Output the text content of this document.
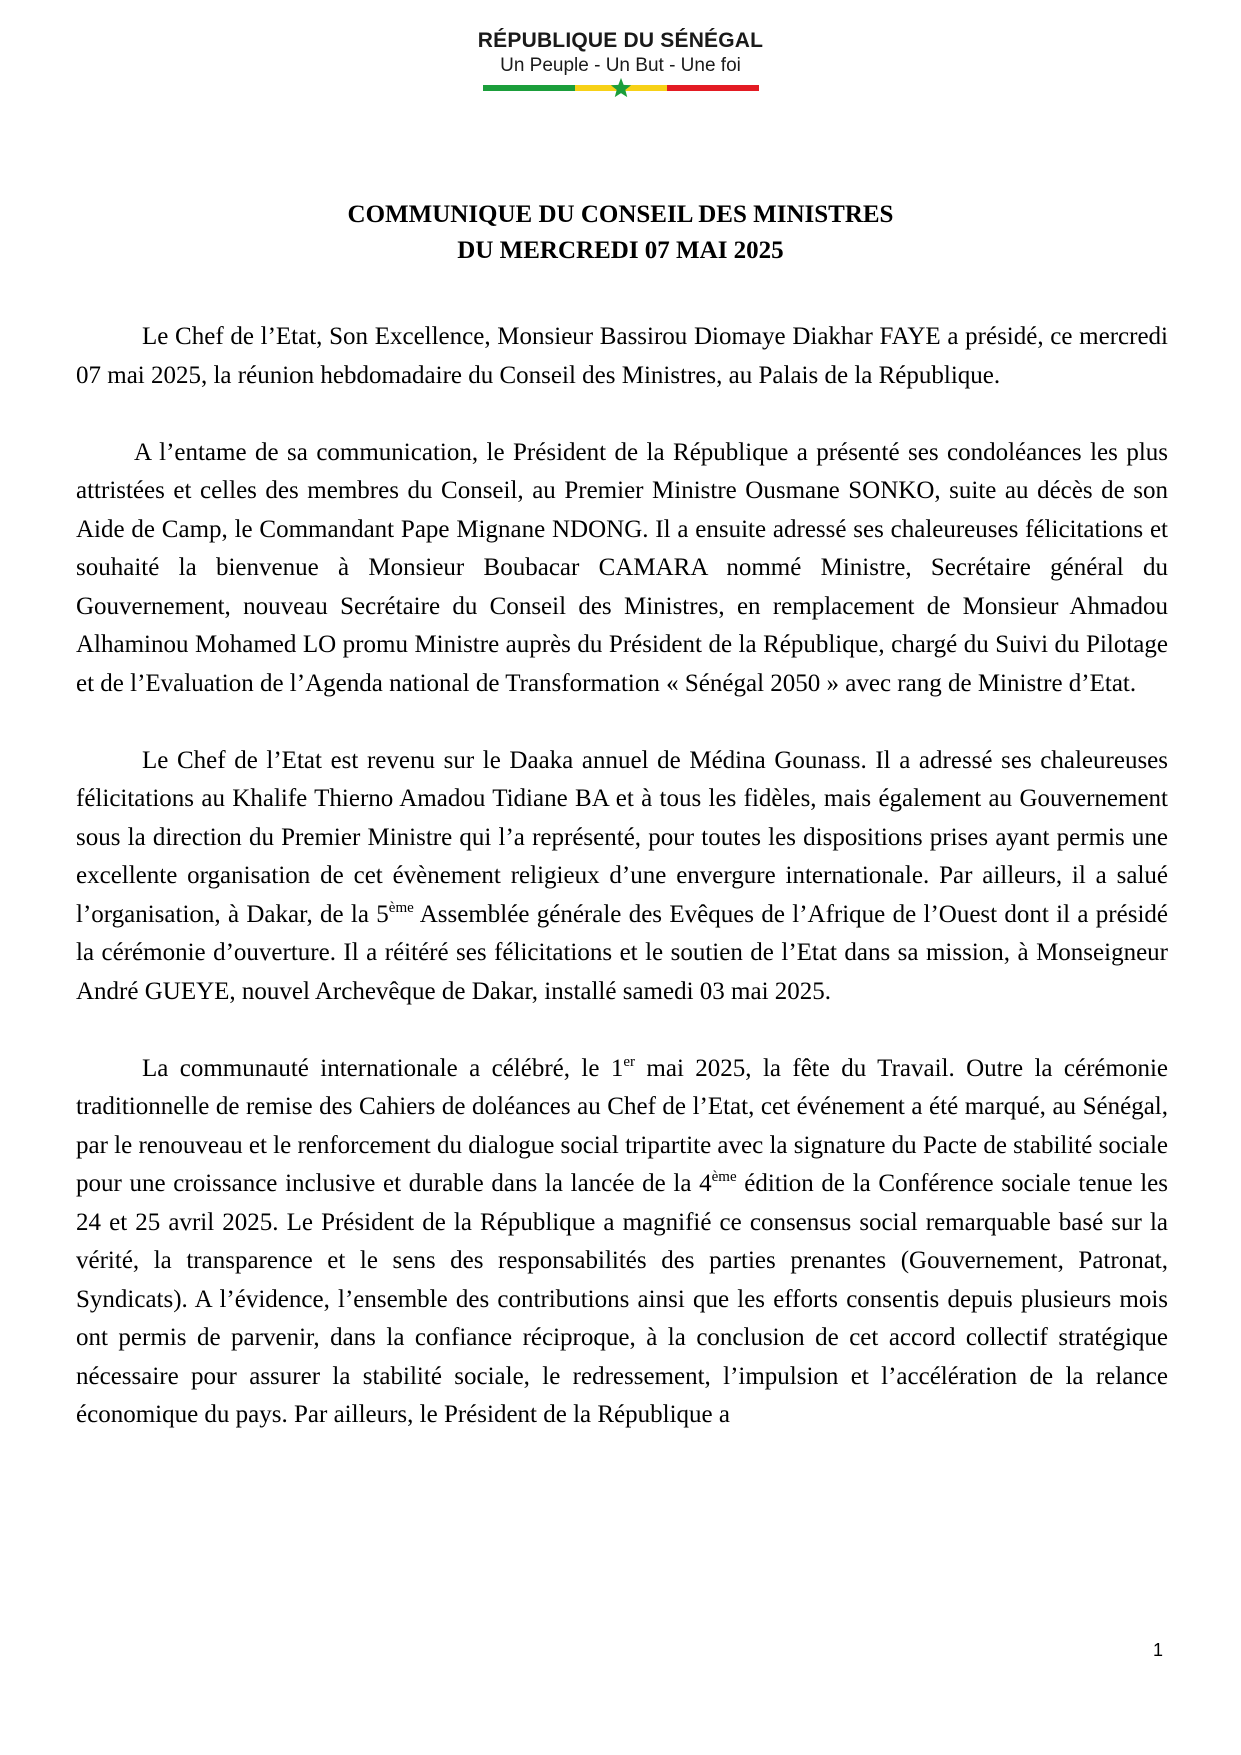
RÉPUBLIQUE DU SÉNÉGAL
Un Peuple - Un But - Une foi
COMMUNIQUE DU CONSEIL DES MINISTRES
DU MERCREDI 07 MAI 2025

Le Chef de l’Etat, Son Excellence, Monsieur Bassirou Diomaye Diakhar FAYE a présidé, ce mercredi 07 mai 2025, la réunion hebdomadaire du Conseil des Ministres, au Palais de la République.

A l’entame de sa communication, le Président de la République a présenté ses condoléances les plus attristées et celles des membres du Conseil, au Premier Ministre Ousmane SONKO, suite au décès de son Aide de Camp, le Commandant Pape Mignane NDONG. Il a ensuite adressé ses chaleureuses félicitations et souhaité la bienvenue à Monsieur Boubacar CAMARA nommé Ministre, Secrétaire général du Gouvernement, nouveau Secrétaire du Conseil des Ministres, en remplacement de Monsieur Ahmadou Alhaminou Mohamed LO promu Ministre auprès du Président de la République, chargé du Suivi du Pilotage et de l’Evaluation de l’Agenda national de Transformation « Sénégal 2050 » avec rang de Ministre d’Etat.

Le Chef de l’Etat est revenu sur le Daaka annuel de Médina Gounass. Il a adressé ses chaleureuses félicitations au Khalife Thierno Amadou Tidiane BA et à tous les fidèles, mais également au Gouvernement sous la direction du Premier Ministre qui l’a représenté, pour toutes les dispositions prises ayant permis une excellente organisation de cet évènement religieux d’une envergure internationale. Par ailleurs, il a salué l’organisation, à Dakar, de la 5ème Assemblée générale des Evêques de l’Afrique de l’Ouest dont il a présidé la cérémonie d’ouverture. Il a réitéré ses félicitations et le soutien de l’Etat dans sa mission, à Monseigneur André GUEYE, nouvel Archevêque de Dakar, installé samedi 03 mai 2025.

La communauté internationale a célébré, le 1er mai 2025, la fête du Travail. Outre la cérémonie traditionnelle de remise des Cahiers de doléances au Chef de l’Etat, cet événement a été marqué, au Sénégal, par le renouveau et le renforcement du dialogue social tripartite avec la signature du Pacte de stabilité sociale pour une croissance inclusive et durable dans la lancée de la 4ème édition de la Conférence sociale tenue les 24 et 25 avril 2025. Le Président de la République a magnifié ce consensus social remarquable basé sur la vérité, la transparence et le sens des responsabilités des parties prenantes (Gouvernement, Patronat, Syndicats). A l’évidence, l’ensemble des contributions ainsi que les efforts consentis depuis plusieurs mois ont permis de parvenir, dans la confiance réciproque, à la conclusion de cet accord collectif stratégique nécessaire pour assurer la stabilité sociale, le redressement, l’impulsion et l’accélération de la relance économique du pays. Par ailleurs, le Président de la République a

1
